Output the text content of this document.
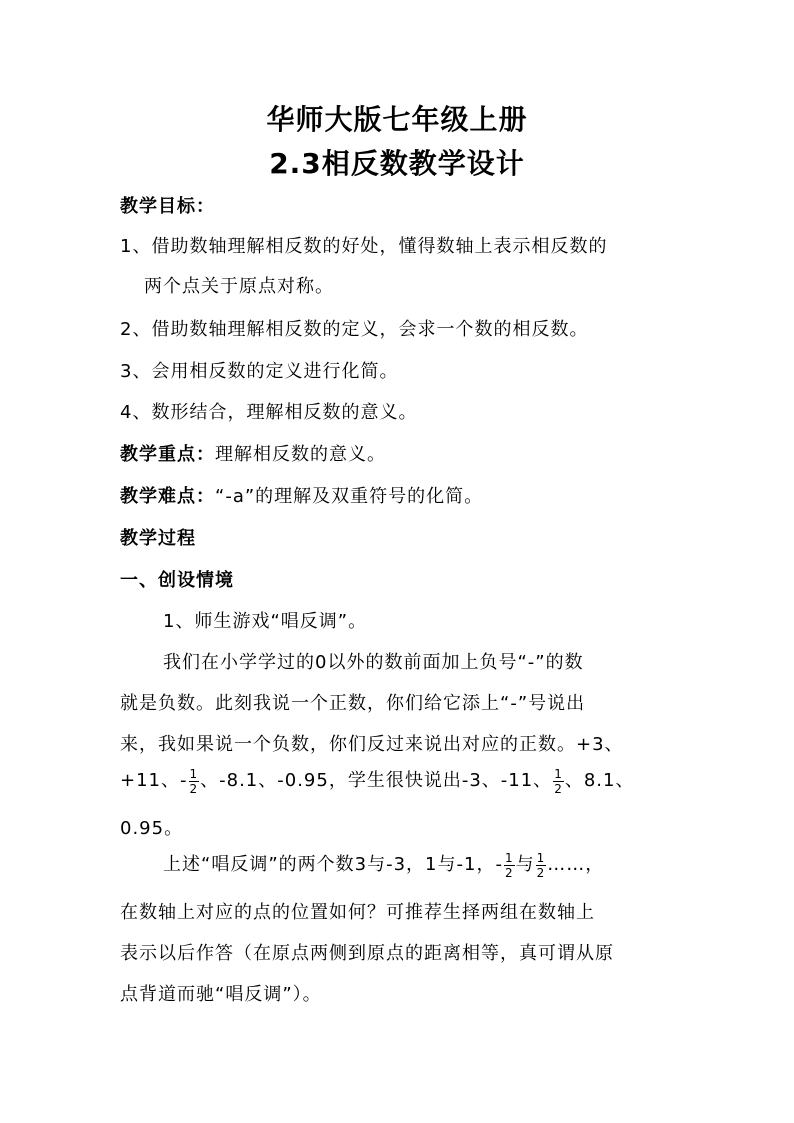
华师大版七年级上册
2.3相反数教学设计
教学目标：
1、借助数轴理解相反数的好处，懂得数轴上表示相反数的
两个点关于原点对称。
2、借助数轴理解相反数的定义，会求一个数的相反数。
3、会用相反数的定义进行化简。
4、数形结合，理解相反数的意义。
教学重点：理解相反数的意义。
教学难点：“-a”的理解及双重符号的化简。
教学过程
一、创设情境
1、师生游戏“唱反调”。
我们在小学学过的0以外的数前面加上负号“-”的数
就是负数。此刻我说一个正数，你们给它添上“-”号说出
来，我如果说一个负数，你们反过来说出对应的正数。+3、
+11、- $\frac{1}{2}$ 、-8.1、-0.95，学生很快说出-3、-11、 $\frac{1}{2}$ 、8.1、
0.95。
上述“唱反调”的两个数3与-3，1与-1，- $\frac{1}{2}$ 与 $\frac{1}{2}$ ……，
在数轴上对应的点的位置如何？可推荐生择两组在数轴上
表示以后作答（在原点两侧到原点的距离相等，真可谓从原
点背道而驰“唱反调”）。
